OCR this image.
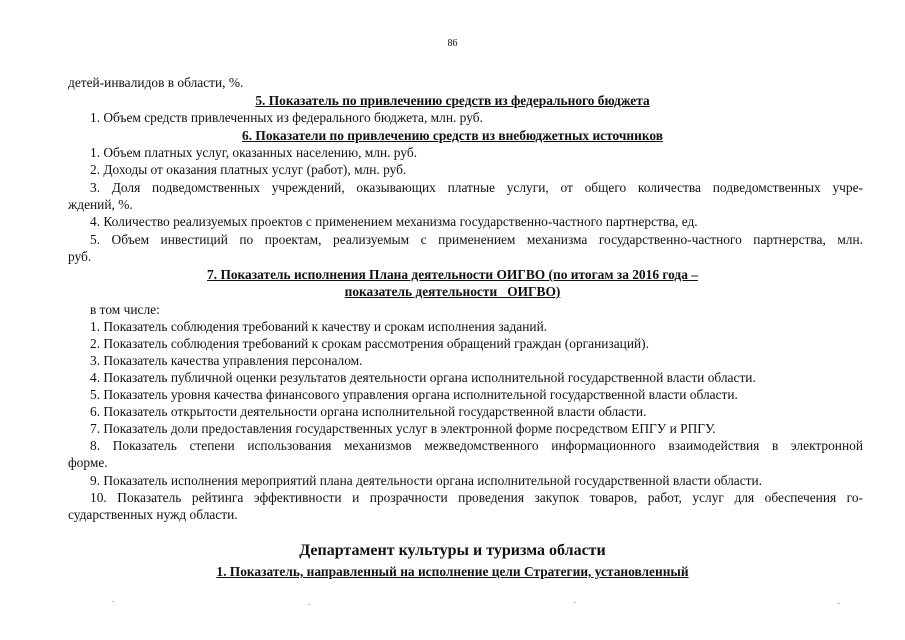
86
детей-инвалидов в области, %.
5. Показатель по привлечению средств из федерального бюджета
1. Объем средств привлеченных из федерального бюджета, млн. руб.
6. Показатели по привлечению средств из внебюджетных источников
1. Объем платных услуг, оказанных населению, млн. руб.
2. Доходы от оказания платных услуг (работ), млн. руб.
3. Доля подведомственных учреждений, оказывающих платные услуги, от общего количества подведомственных учре-
ждений, %.
4. Количество реализуемых проектов с применением механизма государственно-частного партнерства, ед.
5. Объем инвестиций по проектам, реализуемым с применением механизма государственно-частного партнерства, млн.
руб.
7. Показатель исполнения Плана деятельности ОИГВО (по итогам за 2016 года –
показатель деятельности   ОИГВО)
в том числе:
1. Показатель соблюдения требований к качеству и срокам исполнения заданий.
2. Показатель соблюдения требований к срокам рассмотрения обращений граждан (организаций).
3. Показатель качества управления персоналом.
4. Показатель публичной оценки результатов деятельности органа исполнительной государственной власти области.
5. Показатель уровня качества финансового управления органа исполнительной государственной власти области.
6. Показатель открытости деятельности органа исполнительной государственной власти области.
7. Показатель доли предоставления государственных услуг в электронной форме посредством ЕПГУ и РПГУ.
8. Показатель степени использования механизмов межведомственного информационного взаимодействия в электронной
форме.
9. Показатель исполнения мероприятий плана деятельности органа исполнительной государственной власти области.
10. Показатель рейтинга эффективности и прозрачности проведения закупок товаров, работ, услуг для обеспечения го-
сударственных нужд области.
Департамент культуры и туризма области
1. Показатель, направленный на исполнение цели Стратегии, установленный
